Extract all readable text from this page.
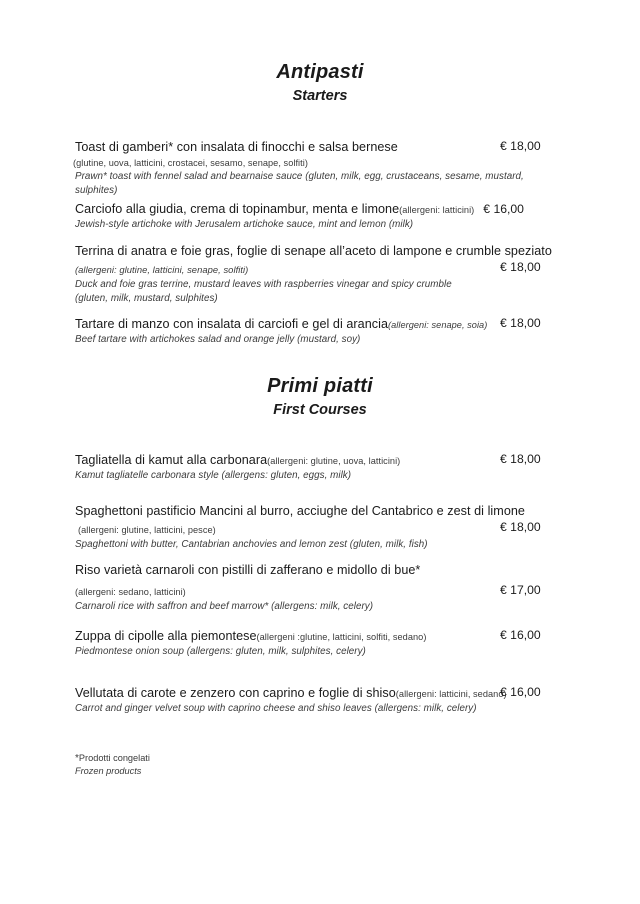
Antipasti
Starters
Toast di gamberi* con insalata di finocchi e salsa bernese	€ 18,00
(glutine, uova, latticini, crostacei, sesamo, senape, solfiti)
Prawn* toast with fennel salad and bearnaise sauce (gluten, milk, egg, crustaceans, sesame, mustard, sulphites)
Carciofo alla giudia, crema di topinambur, menta e limone(allergeni: latticini) € 16,00
Jewish-style artichoke with Jerusalem artichoke sauce, mint and lemon (milk)
Terrina di anatra e foie gras, foglie di senape all’aceto di lampone e crumble speziato
(allergeni: glutine, latticini, senape, solfiti)	€ 18,00
Duck and foie gras terrine, mustard leaves with raspberries vinegar and spicy crumble
(gluten, milk, mustard, sulphites)
Tartare di manzo con insalata di carciofi e gel di arancia(allergeni: senape, soia) € 18,00
Beef tartare with artichokes salad and orange jelly (mustard, soy)
Primi piatti
First Courses
Tagliatella di kamut alla carbonara(allergeni: glutine, uova, latticini)	€ 18,00
Kamut tagliatelle carbonara style (allergens: gluten, eggs, milk)
Spaghettoni pastificio Mancini al burro, acciughe del Cantabrico e zest di limone
(allergeni: glutine, latticini, pesce)	€ 18,00
Spaghettoni with butter, Cantabrian anchovies and lemon zest (gluten, milk, fish)
Riso varietà carnaroli con pistilli di zafferano e midollo di bue*
(allergeni: sedano, latticini)	€ 17,00
Carnaroli rice with saffron and beef marrow* (allergens: milk, celery)
Zuppa di cipolle alla piemontese(allergeni :glutine, latticini, solfiti, sedano)	€ 16,00
Piedmontese onion soup (allergens: gluten, milk, sulphites, celery)
Vellutata di carote e zenzero con caprino e foglie di shiso(allergeni: latticini, sedano)
€ 16,00
Carrot and ginger velvet soup with caprino cheese and shiso leaves (allergens: milk, celery)
*Prodotti congelati
Frozen products
